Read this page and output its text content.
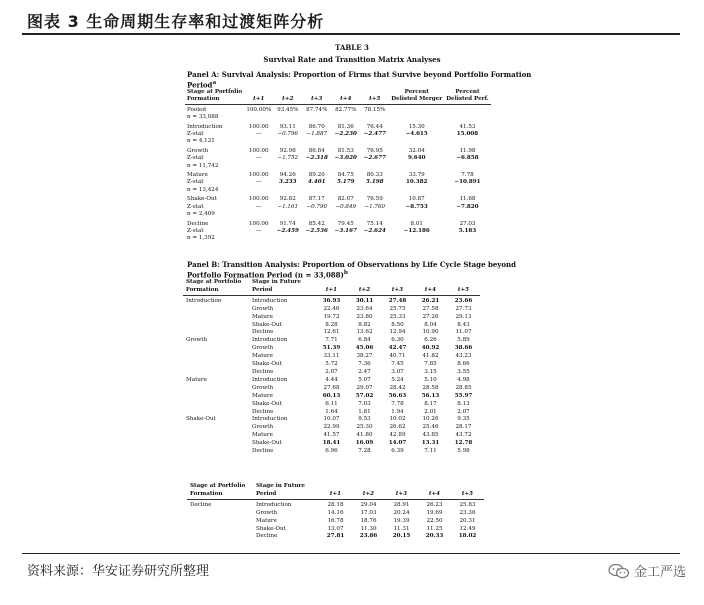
图表 3 生命周期生存率和过渡矩阵分析
TABLE 3
Survival Rate and Transition Matrix Analyses
Panel A: Survival Analysis: Proportion of Firms that Survive beyond Portfolio Formation
Period$^a$
Stage at Portfolio						Percent	Percent
Formation	t+1	t+2	t+3	t+4	t+5	Delisted Merger	Delisted Perf.

Pooled	100.00%	93.45%	87.74%	82.77%	78.15%		
n = 33,088							

Introduction	100.00	93.11	86.70	81.36	76.44	15.30	41.53
Z-stat	—	−0.796	−1.887	−2.230	−2.477	−4.615	15.008
n = 4,121							

Growth	100.00	92.98	86.84	81.53	76.95	32.04	11.98
Z-stat	—	−1.752	−2.318	−3.020	−2.677	9.640	−6.858
n = 11,742							

Mature	100.00	94.26	89.20	84.75	80.33	33.79	7.78
Z-stat	—	3.233	4.401	5.179	5.198	10.382	−10.891
n = 13,424							

Shake-Out	100.00	92.82	87.17	82.07	76.59	10.87	11.68
Z-stat	—	−1.161	−0.790	−0.849	−1.760	−8.753	−7.820
n = 2,409							

Decline	100.00	91.74	85.42	79.45	75.14	8.01	27.03
Z-stat	—	−2.459	−2.536	−3.167	−2.624	−12.186	5.183
n = 1,392							
Panel B: Transition Analysis: Proportion of Observations by Life Cycle Stage beyond
Portfolio Formation Period (n = 33,088)$^b$
Stage at Portfolio	Stage in Future					
Formation	Period	t+1	t+2	t+3	t+4	t+5

Introduction	Introduction	36.93	30.11	27.48	26.21	23.66
	Growth	22.46	23.64	25.75	27.58	27.73
	Mature	19.72	23.80	25.33	27.26	29.13
	Shake-Out	8.28	8.82	8.50	8.04	8.43
	Decline	12.61	13.62	12.94	10.90	11.07
Growth	Introduction	7.71	6.84	6.30	6.26	5.89
	Growth	51.39	45.06	42.47	40.92	38.66
	Mature	33.11	38.27	40.71	41.82	43.23
	Shake-Out	5.72	7.36	7.45	7.85	8.66
	Decline	2.07	2.47	3.07	3.15	3.55
Mature	Introduction	4.44	5.07	5.24	5.10	4.98
	Growth	27.68	29.07	28.42	28.58	28.85
	Mature	60.13	57.02	56.63	56.13	55.97
	Shake-Out	6.11	7.03	7.78	8.17	8.13
	Decline	1.64	1.81	1.94	2.01	2.07
Shake-Out	Introduction	10.07	9.53	10.02	10.26	9.35
	Growth	22.99	25.30	26.62	25.46	28.17
	Mature	41.57	41.80	42.89	43.85	43.72
	Shake-Out	18.41	16.09	14.07	13.31	12.78
	Decline	6.96	7.28	6.39	7.11	5.98
Stage at Portfolio	Stage in Future					
Formation	Period	t+1	t+2	t+3	t+4	t+5

Decline	Introduction	28.18	29.04	28.91	26.23	25.83
	Growth	14.16	17.03	20.24	19.69	23.36
	Mature	16.78	18.76	19.39	22.50	20.31
	Shake-Out	13.07	11.30	11.31	11.25	12.49
	Decline	27.81	23.86	20.15	20.33	18.02
资料来源：华安证券研究所整理	金工严选
